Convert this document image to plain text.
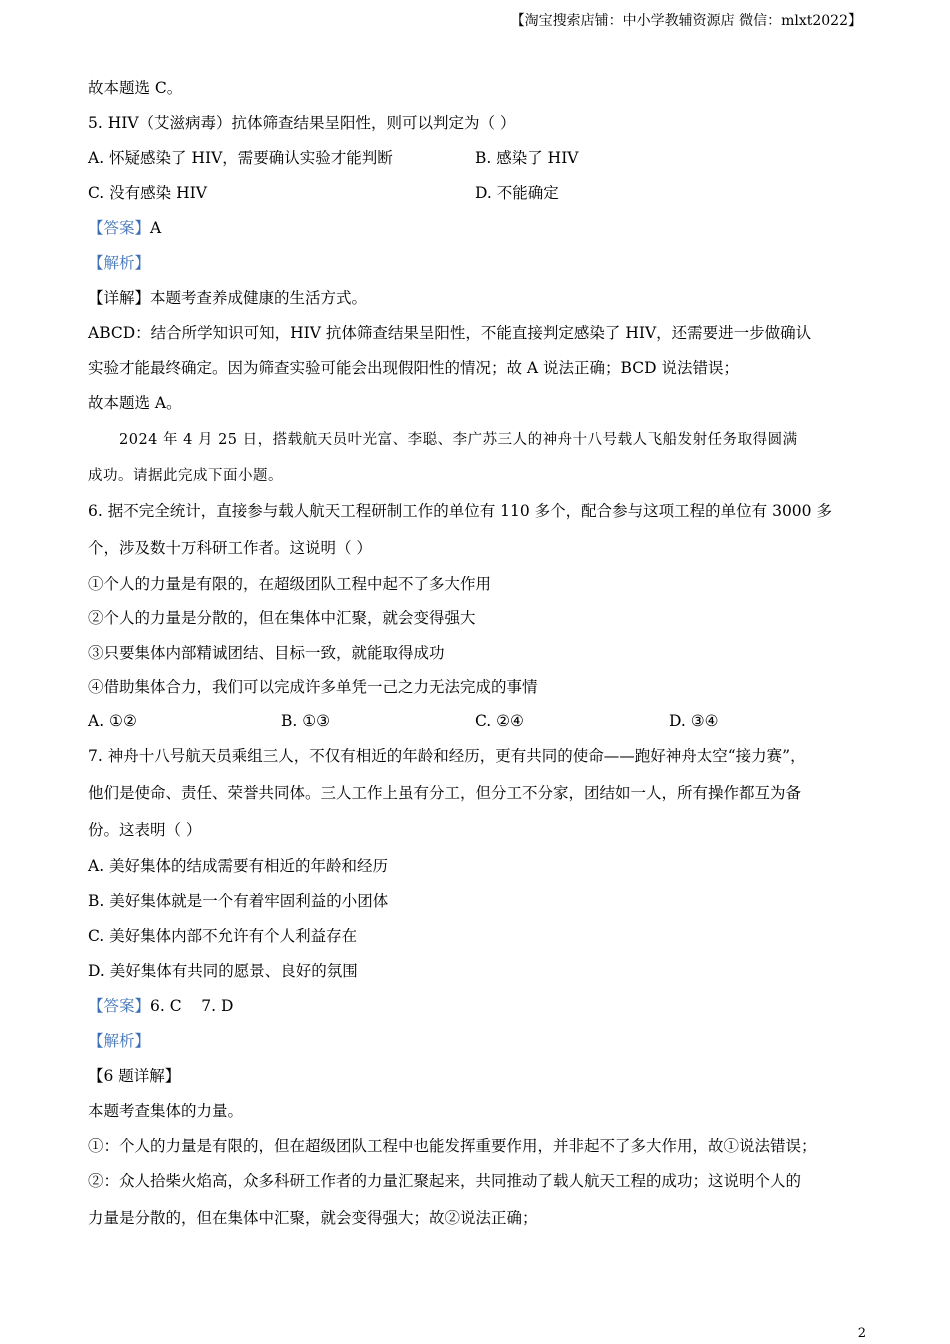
【淘宝搜索店铺：中小学教辅资源店 微信：mlxt2022】
故本题选 C。
5. HIV（艾滋病毒）抗体筛查结果呈阳性，则可以判定为（ ）
A. 怀疑感染了 HIV，需要确认实验才能判断	B. 感染了 HIV
C. 没有感染 HIV	D. 不能确定
【答案】A
【解析】
【详解】本题考查养成健康的生活方式。
ABCD：结合所学知识可知，HIV 抗体筛查结果呈阳性，不能直接判定感染了 HIV，还需要进一步做确认
实验才能最终确定。因为筛查实验可能会出现假阳性的情况；故 A 说法正确；BCD 说法错误；
故本题选 A。
2024 年 4 月 25 日，搭载航天员叶光富、李聪、李广苏三人的神舟十八号载人飞船发射任务取得圆满
成功。请据此完成下面小题。
6. 据不完全统计，直接参与载人航天工程研制工作的单位有 110 多个，配合参与这项工程的单位有 3000 多
个，涉及数十万科研工作者。这说明（ ）
①个人的力量是有限的，在超级团队工程中起不了多大作用
②个人的力量是分散的，但在集体中汇聚，就会变得强大
③只要集体内部精诚团结、目标一致，就能取得成功
④借助集体合力，我们可以完成许多单凭一己之力无法完成的事情
A. ①②	B. ①③	C. ②④	D. ③④
7. 神舟十八号航天员乘组三人，不仅有相近的年龄和经历，更有共同的使命——跑好神舟太空“接力赛”，
他们是使命、责任、荣誉共同体。三人工作上虽有分工，但分工不分家，团结如一人，所有操作都互为备
份。这表明（ ）
A. 美好集体的结成需要有相近的年龄和经历
B. 美好集体就是一个有着牢固利益的小团体
C. 美好集体内部不允许有个人利益存在
D. 美好集体有共同的愿景、良好的氛围
【答案】6. C    7. D
【解析】
【6 题详解】
本题考查集体的力量。
①：个人的力量是有限的，但在超级团队工程中也能发挥重要作用，并非起不了多大作用，故①说法错误；
②：众人拾柴火焰高，众多科研工作者的力量汇聚起来，共同推动了载人航天工程的成功；这说明个人的
力量是分散的，但在集体中汇聚，就会变得强大；故②说法正确；
2
